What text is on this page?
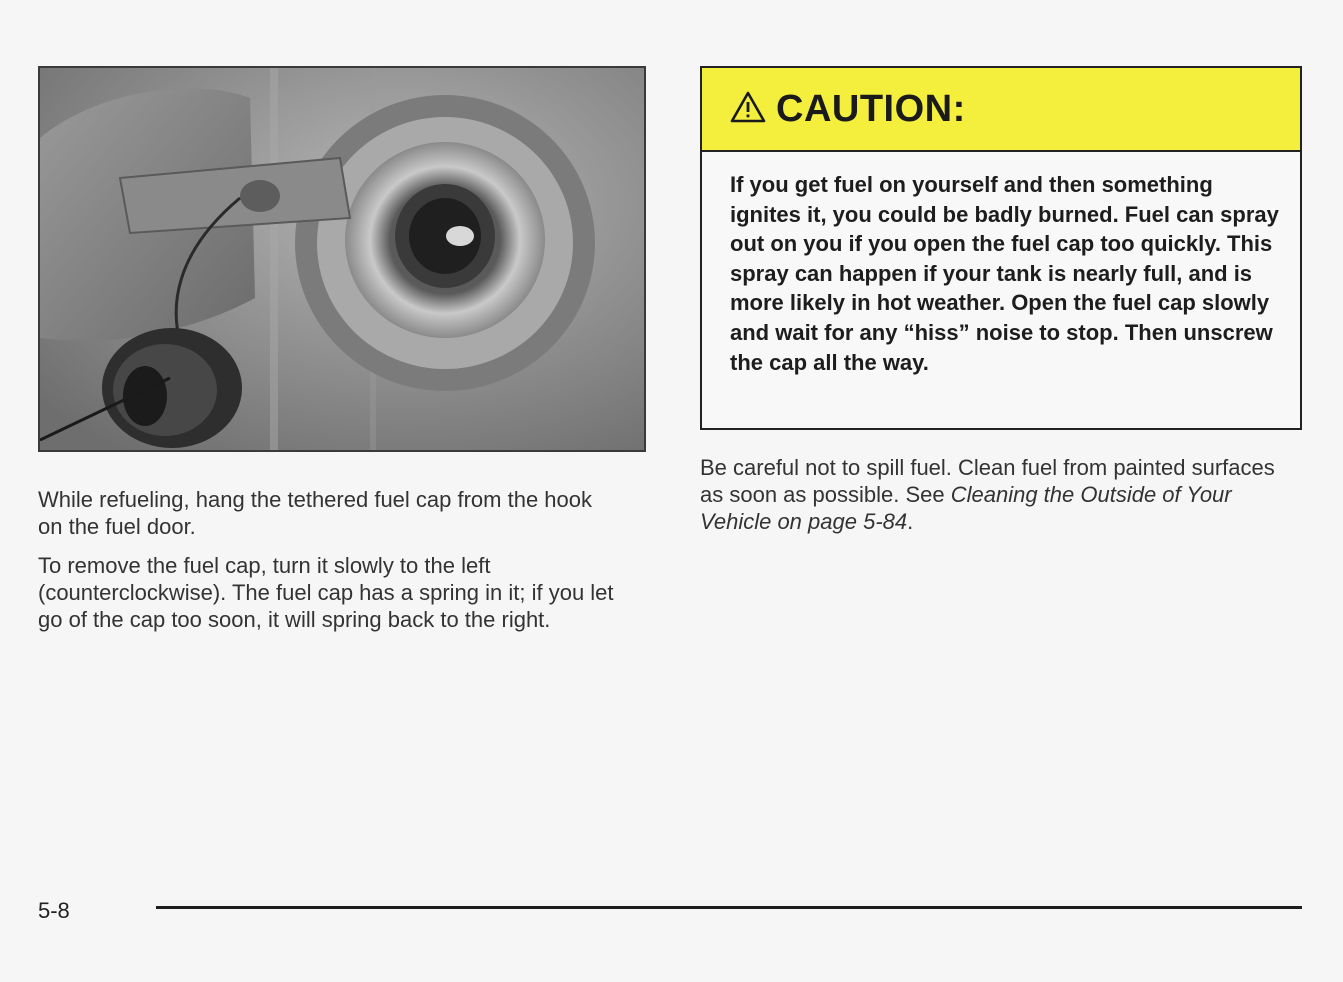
While refueling, hang the tethered fuel cap from the hook on the fuel door.

To remove the fuel cap, turn it slowly to the left (counterclockwise). The fuel cap has a spring in it; if you let go of the cap too soon, it will spring back to the right.

CAUTION:
If you get fuel on yourself and then something ignites it, you could be badly burned. Fuel can spray out on you if you open the fuel cap too quickly. This spray can happen if your tank is nearly full, and is more likely in hot weather. Open the fuel cap slowly and wait for any “hiss” noise to stop. Then unscrew the cap all the way.

Be careful not to spill fuel. Clean fuel from painted surfaces as soon as possible. See Cleaning the Outside of Your Vehicle on page 5-84.

5-8
